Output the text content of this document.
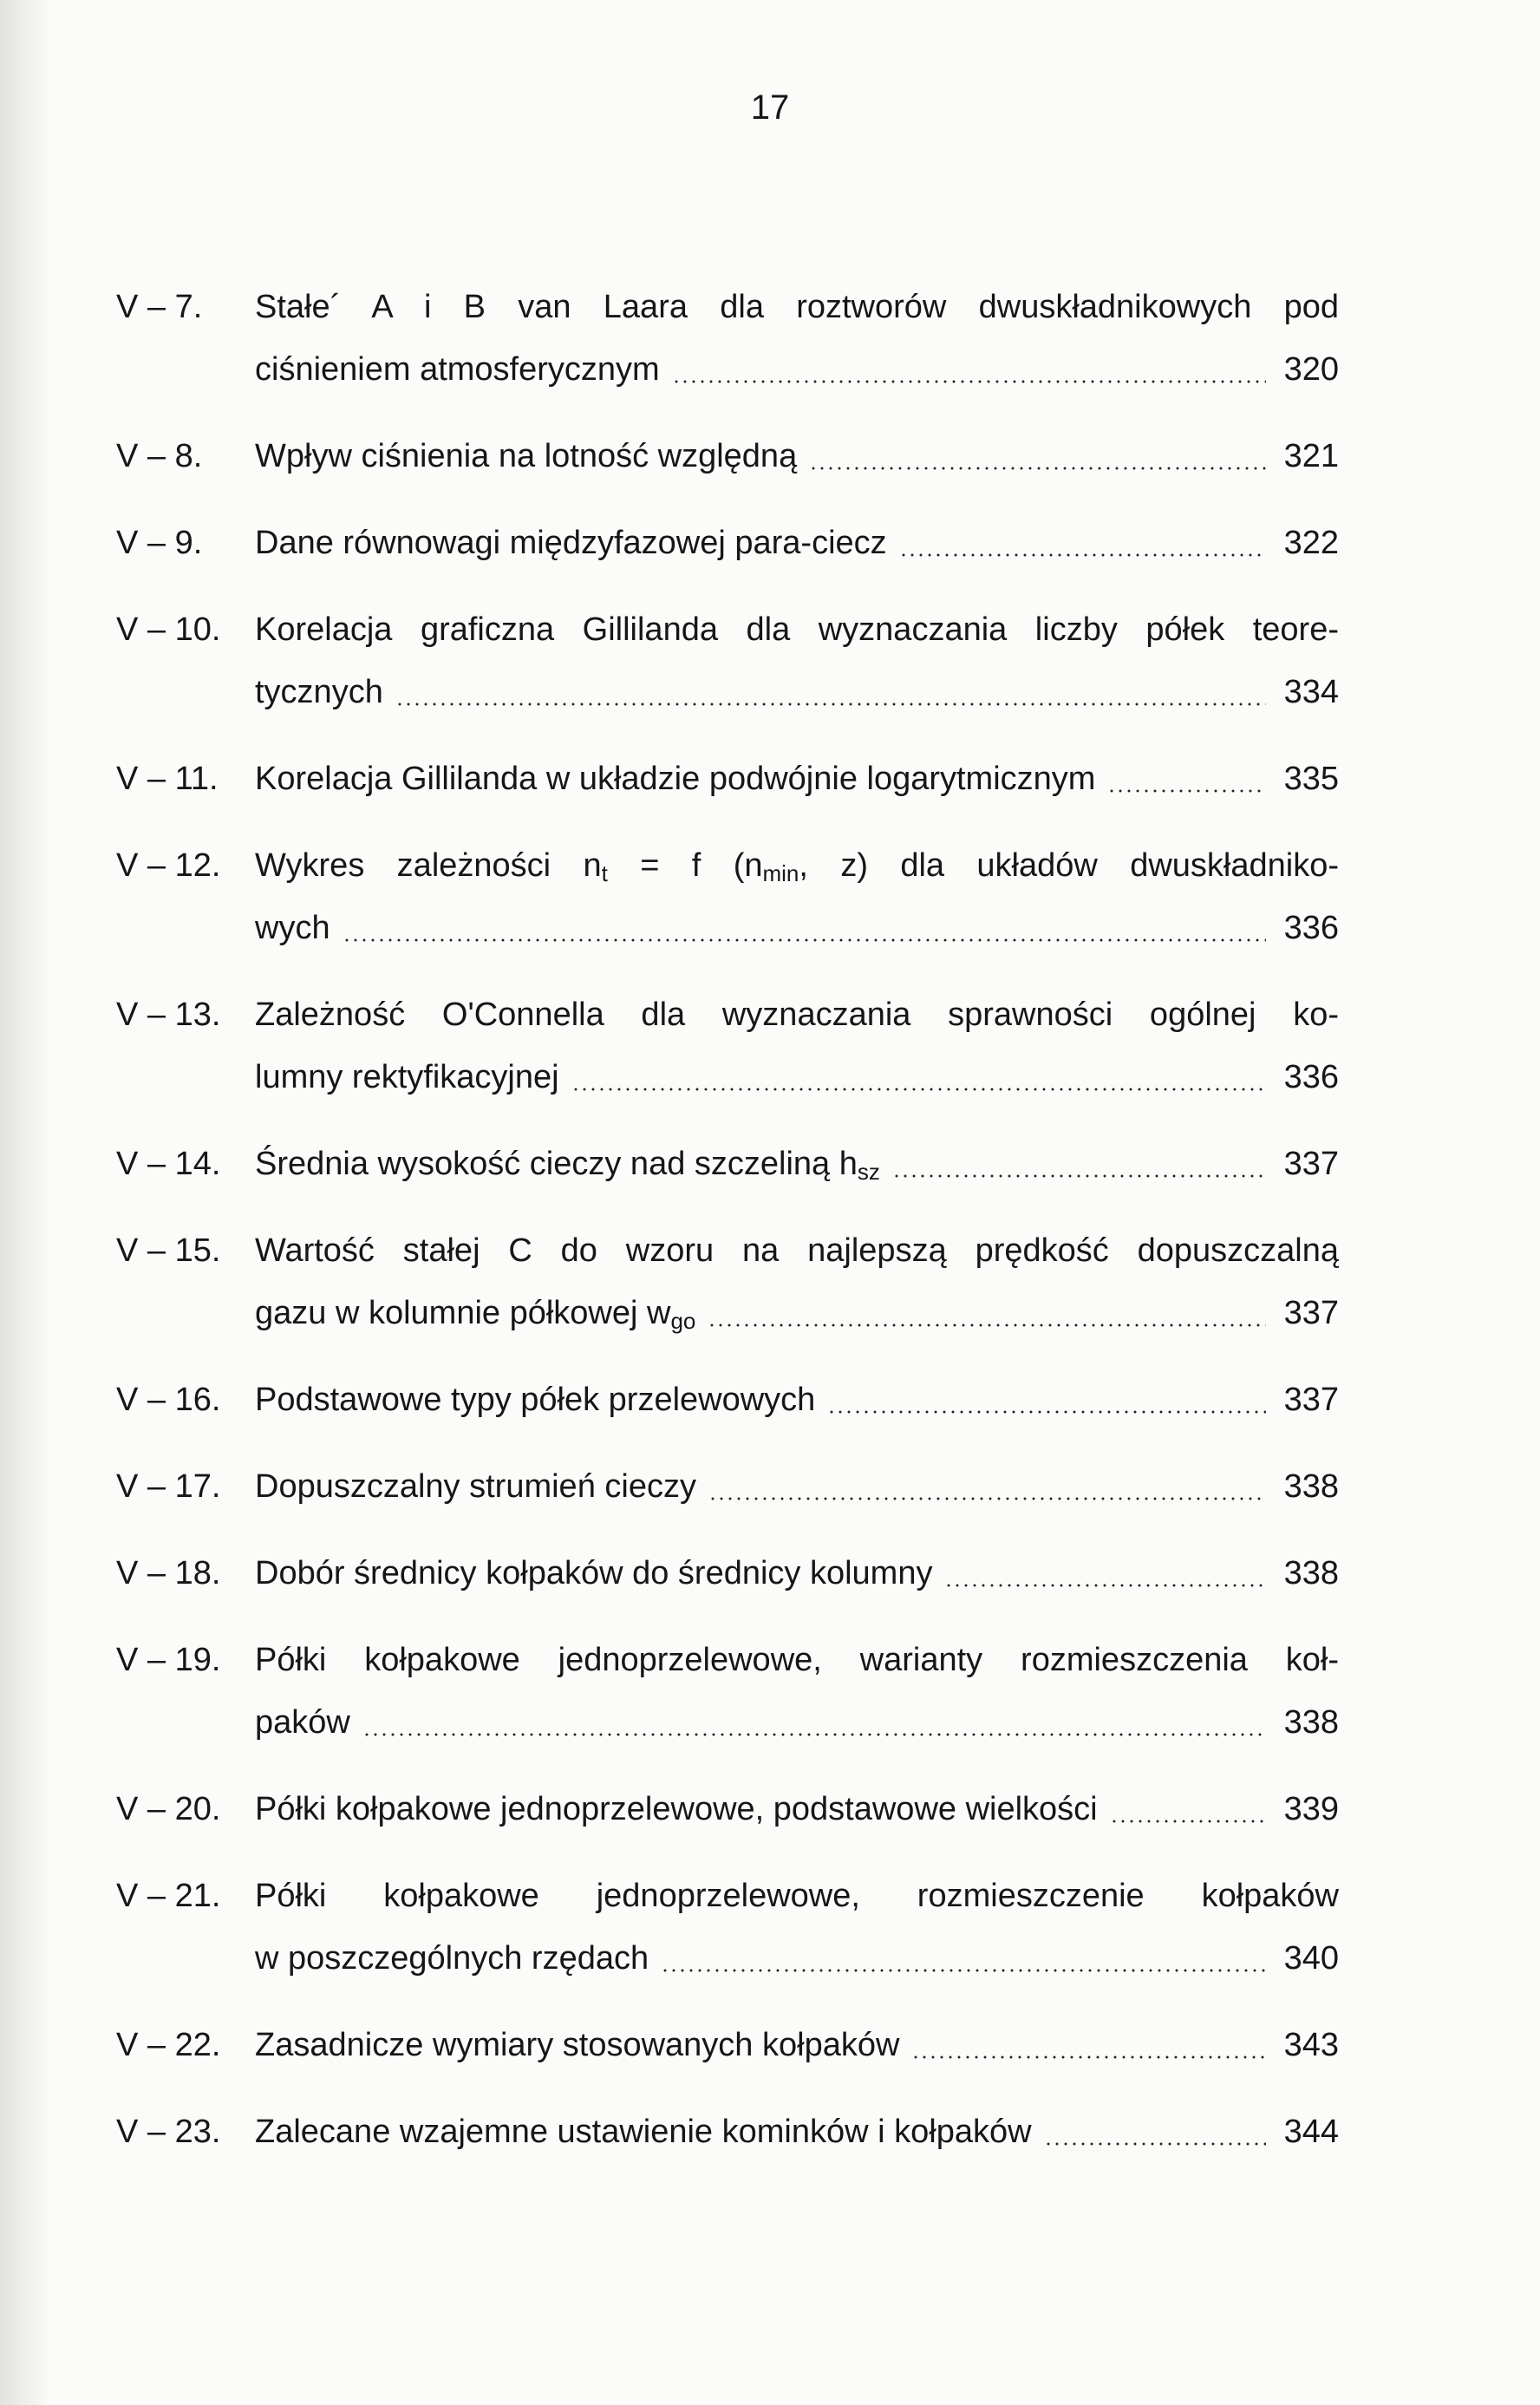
17
V – 7.	Stałe´ A i B van Laara dla roztworów dwuskładnikowych pod
ciśnieniem atmosferycznym	320
V – 8.	Wpływ ciśnienia na lotność względną	321
V – 9.	Dane równowagi międzyfazowej para-ciecz	322
V – 10.	Korelacja graficzna Gillilanda dla wyznaczania liczby półek teore-
tycznych	334
V – 11.	Korelacja Gillilanda w układzie podwójnie logarytmicznym	335
V – 12.	Wykres zależności $n_t = f$ ($n_{min}$, z) dla układów dwuskładniko-
wych	336
V – 13.	Zależność O'Connella dla wyznaczania sprawności ogólnej ko-
lumny rektyfikacyjnej	336
V – 14.	Średnia wysokość cieczy nad szczeliną $h_{sz}$	337
V – 15.	Wartość stałej C do wzoru na najlepszą prędkość dopuszczalną
gazu w kolumnie półkowej $w_{go}$	337
V – 16.	Podstawowe typy półek przelewowych	337
V – 17.	Dopuszczalny strumień cieczy	338
V – 18.	Dobór średnicy kołpaków do średnicy kolumny	338
V – 19.	Półki kołpakowe jednoprzelewowe, warianty rozmieszczenia koł-
paków	338
V – 20.	Półki kołpakowe jednoprzelewowe, podstawowe wielkości	339
V – 21.	Półki kołpakowe jednoprzelewowe, rozmieszczenie kołpaków
w poszczególnych rzędach	340
V – 22.	Zasadnicze wymiary stosowanych kołpaków	343
V – 23.	Zalecane wzajemne ustawienie kominków i kołpaków	344
